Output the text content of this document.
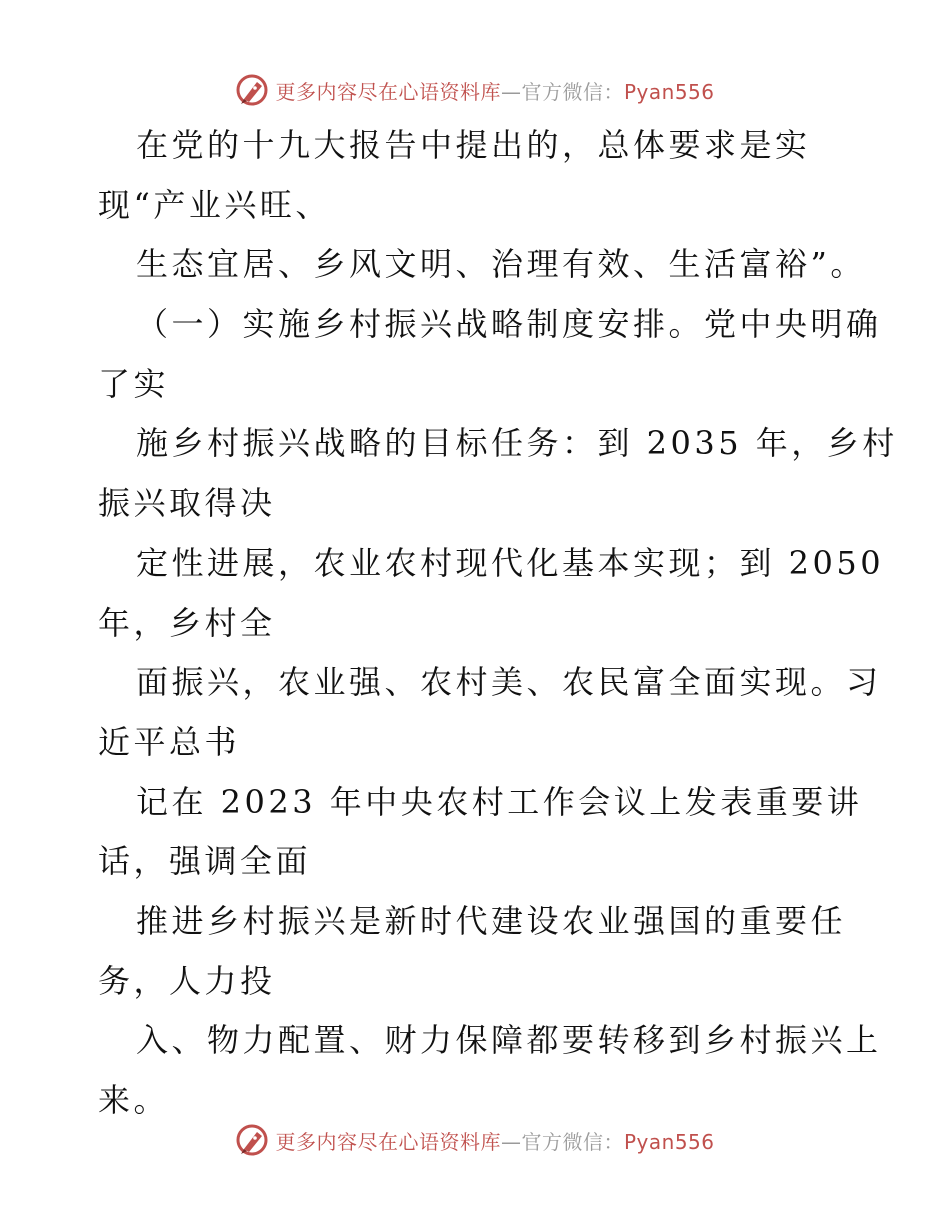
更多内容尽在心语资料库—官方微信：Pyan556
在党的十九大报告中提出的，总体要求是实
现“产业兴旺、
生态宜居、乡风文明、治理有效、生活富裕”。
（一）实施乡村振兴战略制度安排。党中央明确
了实
施乡村振兴战略的目标任务：到 2035 年，乡村
振兴取得决
定性进展，农业农村现代化基本实现；到 2050
年，乡村全
面振兴，农业强、农村美、农民富全面实现。习
近平总书
记在 2023 年中央农村工作会议上发表重要讲
话，强调全面
推进乡村振兴是新时代建设农业强国的重要任
务，人力投
入、物力配置、财力保障都要转移到乡村振兴上
来。
更多内容尽在心语资料库—官方微信：Pyan556
